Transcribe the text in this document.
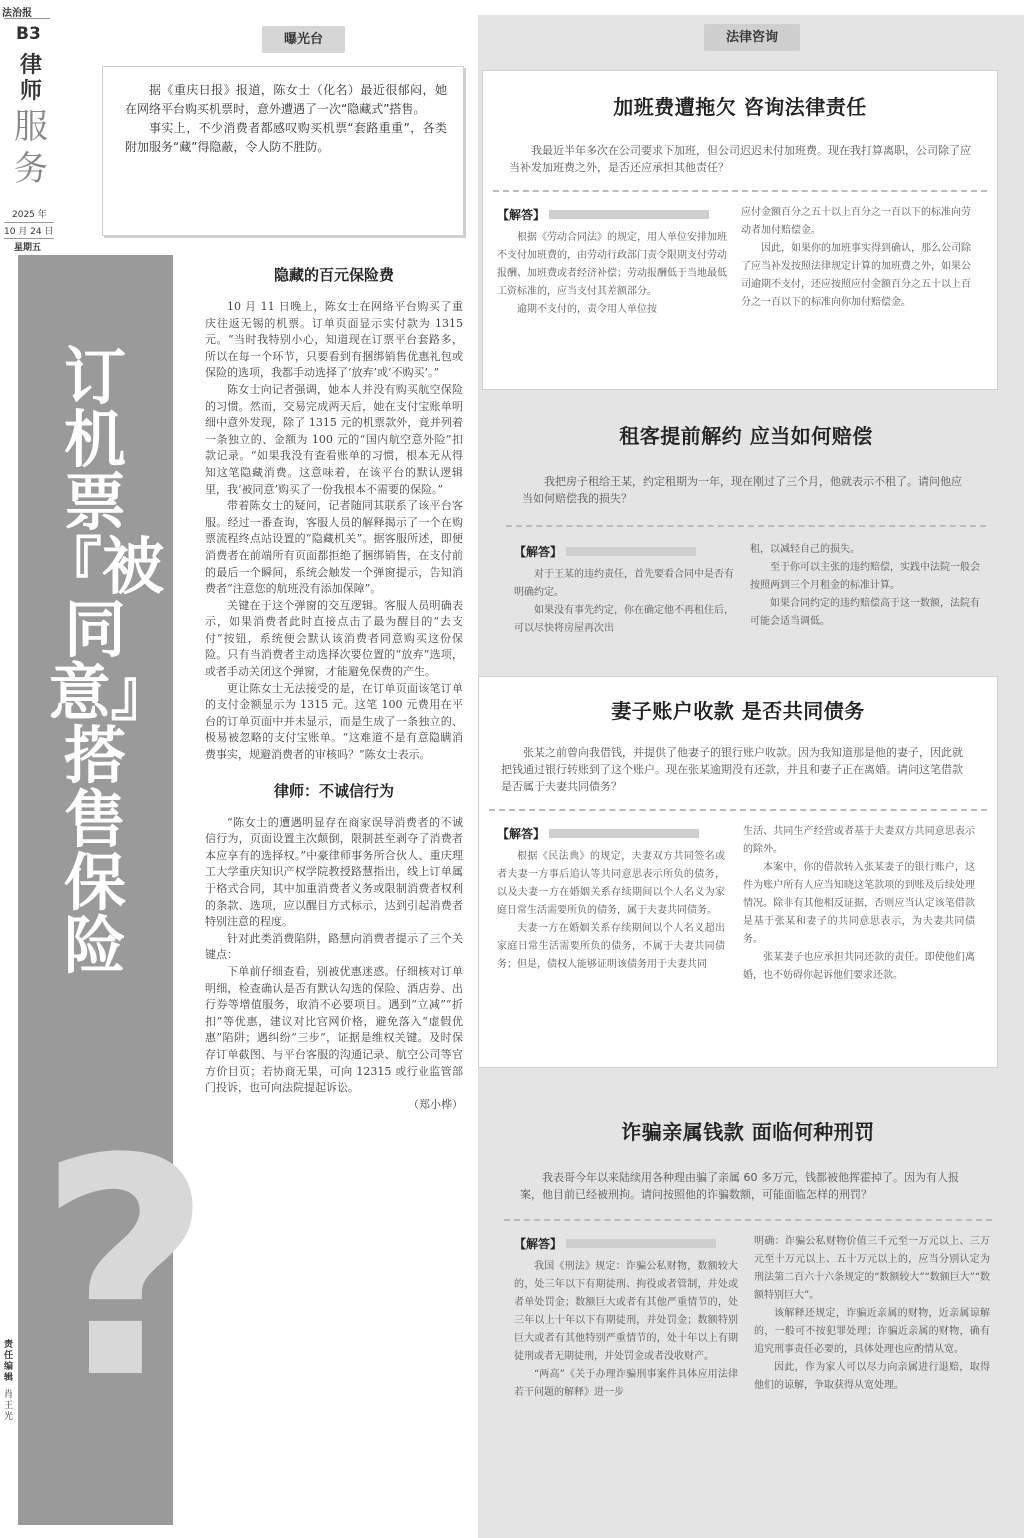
法治报
B3
律
师
服
务
2025 年
10 月 24 日
星期五
责任编辑
肖王光 ?
订机票『被同意』搭售保险
曝光台

据《重庆日报》报道，陈女士（化名）最近很郁闷，她在网络平台购买机票时，意外遭遇了一次“隐藏式”搭售。

事实上，不少消费者都感叹购买机票“套路重重”，各类附加服务“藏”得隐蔽，令人防不胜防。

隐藏的百元保险费

10 月 11 日晚上，陈女士在网络平台购买了重庆往返无锡的机票。订单页面显示实付款为 1315 元。“当时我特别小心，知道现在订票平台套路多，所以在每一个环节，只要看到有捆绑销售优惠礼包或保险的选项，我都手动选择了‘放弃’或‘不购买’。”

陈女士向记者强调，她本人并没有购买航空保险的习惯。然而，交易完成两天后，她在支付宝账单明细中意外发现，除了 1315 元的机票款外，竟并列着一条独立的、金额为 100 元的“国内航空意外险”扣款记录。“如果我没有查看账单的习惯，根本无从得知这笔隐藏消费。这意味着，在该平台的默认逻辑里，我‘被同意’购买了一份我根本不需要的保险。”

带着陈女士的疑问，记者随同其联系了该平台客服。经过一番查询，客服人员的解释揭示了一个在购票流程终点站设置的“隐藏机关”。据客服所述，即便消费者在前端所有页面都拒绝了捆绑销售，在支付前的最后一个瞬间，系统会触发一个弹窗提示，告知消费者“注意您的航班没有添加保障”。

关键在于这个弹窗的交互逻辑。客服人员明确表示，如果消费者此时直接点击了最为醒目的“去支付”按钮，系统便会默认该消费者同意购买这份保险。只有当消费者主动选择次要位置的“放弃”选项，或者手动关闭这个弹窗，才能避免保费的产生。

更让陈女士无法接受的是，在订单页面该笔订单的支付金额显示为 1315 元。这笔 100 元费用在平台的订单页面中并未显示，而是生成了一条独立的、极易被忽略的支付宝账单。“这难道不是有意隐瞒消费事实，规避消费者的审核吗？”陈女士表示。

律师：不诚信行为

“陈女士的遭遇明显存在商家误导消费者的不诚信行为，页面设置主次颠倒，限制甚至剥夺了消费者本应享有的选择权。”中豪律师事务所合伙人、重庆理工大学重庆知识产权学院教授路慧指出，线上订单属于格式合同，其中加重消费者义务或限制消费者权利的条款、选项，应以醒目方式标示，达到引起消费者特别注意的程度。

针对此类消费陷阱，路慧向消费者提示了三个关键点：

下单前仔细查看，别被优惠迷惑。仔细核对订单明细，检查确认是否有默认勾选的保险、酒店券、出行券等增值服务，取消不必要项目。遇到“立减”“折扣”等优惠，建议对比官网价格，避免落入“虚假优惠”陷阱；遇纠纷“三步”，证据是维权关键。及时保存订单截图、与平台客服的沟通记录、航空公司等官方价目页；若协商无果，可向 12315 或行业监管部门投诉，也可向法院提起诉讼。

（郑小桦）

法律咨询
加班费遭拖欠 咨询法律责任

我最近半年多次在公司要求下加班，但公司迟迟未付加班费。现在我打算离职，公司除了应当补发加班费之外，是否还应承担其他责任？

【解答】

根据《劳动合同法》的规定，用人单位安排加班不支付加班费的，由劳动行政部门责令限期支付劳动报酬、加班费或者经济补偿；劳动报酬低于当地最低工资标准的，应当支付其差额部分。

逾期不支付的，责令用人单位按

应付金额百分之五十以上百分之一百以下的标准向劳动者加付赔偿金。

因此，如果你的加班事实得到确认，那么公司除了应当补发按照法律规定计算的加班费之外，如果公司逾期不支付，还应按照应付金额百分之五十以上百分之一百以下的标准向你加付赔偿金。

租客提前解约 应当如何赔偿

我把房子租给王某，约定租期为一年，现在刚过了三个月，他就表示不租了。请问他应当如何赔偿我的损失？

【解答】

对于王某的违约责任，首先要看合同中是否有明确约定。

如果没有事先约定，你在确定他不再租住后，可以尽快将房屋再次出

租，以减轻自己的损失。

至于你可以主张的违约赔偿，实践中法院一般会按照两到三个月租金的标准计算。

如果合同约定的违约赔偿高于这一数额，法院有可能会适当调低。

妻子账户收款 是否共同债务

张某之前曾向我借钱，并提供了他妻子的银行账户收款。因为我知道那是他的妻子，因此就把钱通过银行转账到了这个账户。现在张某逾期没有还款，并且和妻子正在离婚。请问这笔借款是否属于夫妻共同债务？

【解答】

根据《民法典》的规定，夫妻双方共同签名或者夫妻一方事后追认等共同意思表示所负的债务，以及夫妻一方在婚姻关系存续期间以个人名义为家庭日常生活需要所负的债务，属于夫妻共同债务。

夫妻一方在婚姻关系存续期间以个人名义超出家庭日常生活需要所负的债务，不属于夫妻共同债务；但是，债权人能够证明该债务用于夫妻共同

生活、共同生产经营或者基于夫妻双方共同意思表示的除外。

本案中，你的借款转入张某妻子的银行账户，这件为账户所有人应当知晓这笔款项的到账及后续处理情况。除非有其他相反证据，否则应当认定该笔借款是基于张某和妻子的共同意思表示，为夫妻共同债务。

张某妻子也应承担共同还款的责任。即使他们离婚，也不妨碍你起诉他们要求还款。

诈骗亲属钱款 面临何种刑罚

我表哥今年以来陆续用各种理由骗了亲属 60 多万元，钱都被他挥霍掉了。因为有人报案，他目前已经被刑拘。请问按照他的诈骗数额，可能面临怎样的刑罚？

【解答】

我国《刑法》规定：诈骗公私财物，数额较大的，处三年以下有期徒刑、拘役或者管制，并处或者单处罚金；数额巨大或者有其他严重情节的，处三年以上十年以下有期徒刑，并处罚金；数额特别巨大或者有其他特别严重情节的，处十年以上有期徒刑或者无期徒刑，并处罚金或者没收财产。

“两高”《关于办理诈骗刑事案件具体应用法律若干问题的解释》进一步

明确：诈骗公私财物价值三千元至一万元以上、三万元至十万元以上、五十万元以上的，应当分别认定为刑法第二百六十六条规定的“数额较大”“数额巨大”“数额特别巨大”。

该解释还规定，诈骗近亲属的财物，近亲属谅解的，一般可不按犯罪处理；诈骗近亲属的财物，确有追究刑事责任必要的，具体处理也应酌情从宽。

因此，作为家人可以尽力向亲属进行退赔，取得他们的谅解，争取获得从宽处理。
